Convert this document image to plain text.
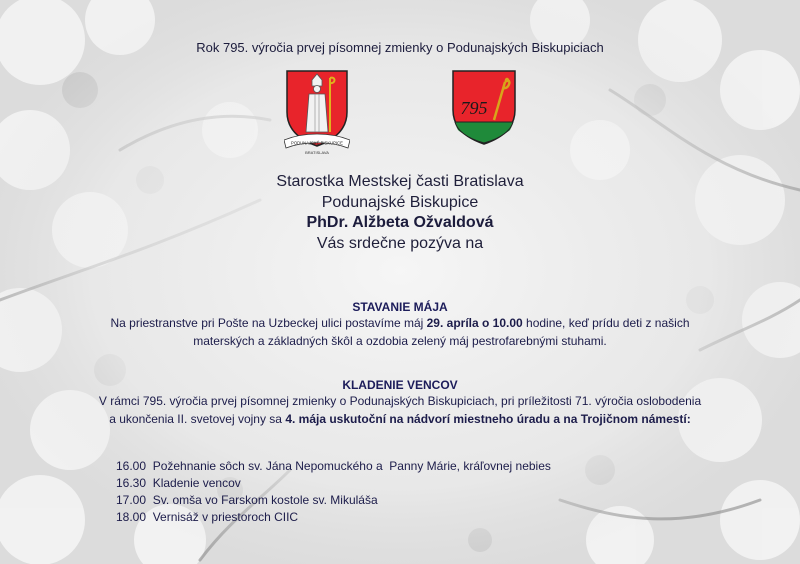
Rok 795. výročia prvej písomnej zmienky o Podunajských Biskupiciach
PODUNAJSKÉ BISKUPICE
BRATISLAVA
795
Starostka Mestskej časti Bratislava
Podunajské Biskupice
PhDr. Alžbeta Ožvaldová
Vás srdečne pozýva na
STAVANIE MÁJA
Na priestranstve pri Pošte na Uzbeckej ulici postavíme máj 29. apríla o 10.00 hodine, keď prídu deti z našich
materských a základných škôl a ozdobia zelený máj pestrofarebnými stuhami.
KLADENIE VENCOV
V rámci 795. výročia prvej písomnej zmienky o Podunajských Biskupiciach, pri príležitosti 71. výročia oslobodenia
a ukončenia II. svetovej vojny sa 4. mája uskutoční na nádvorí miestneho úradu a na Trojičnom námestí:
16.00 Požehnanie sôch sv. Jána Nepomuckého a  Panny Márie, kráľovnej nebies
16.30 Kladenie vencov
17.00 Sv. omša vo Farskom kostole sv. Mikuláša
18.00 Vernisáž v priestoroch CIIC
